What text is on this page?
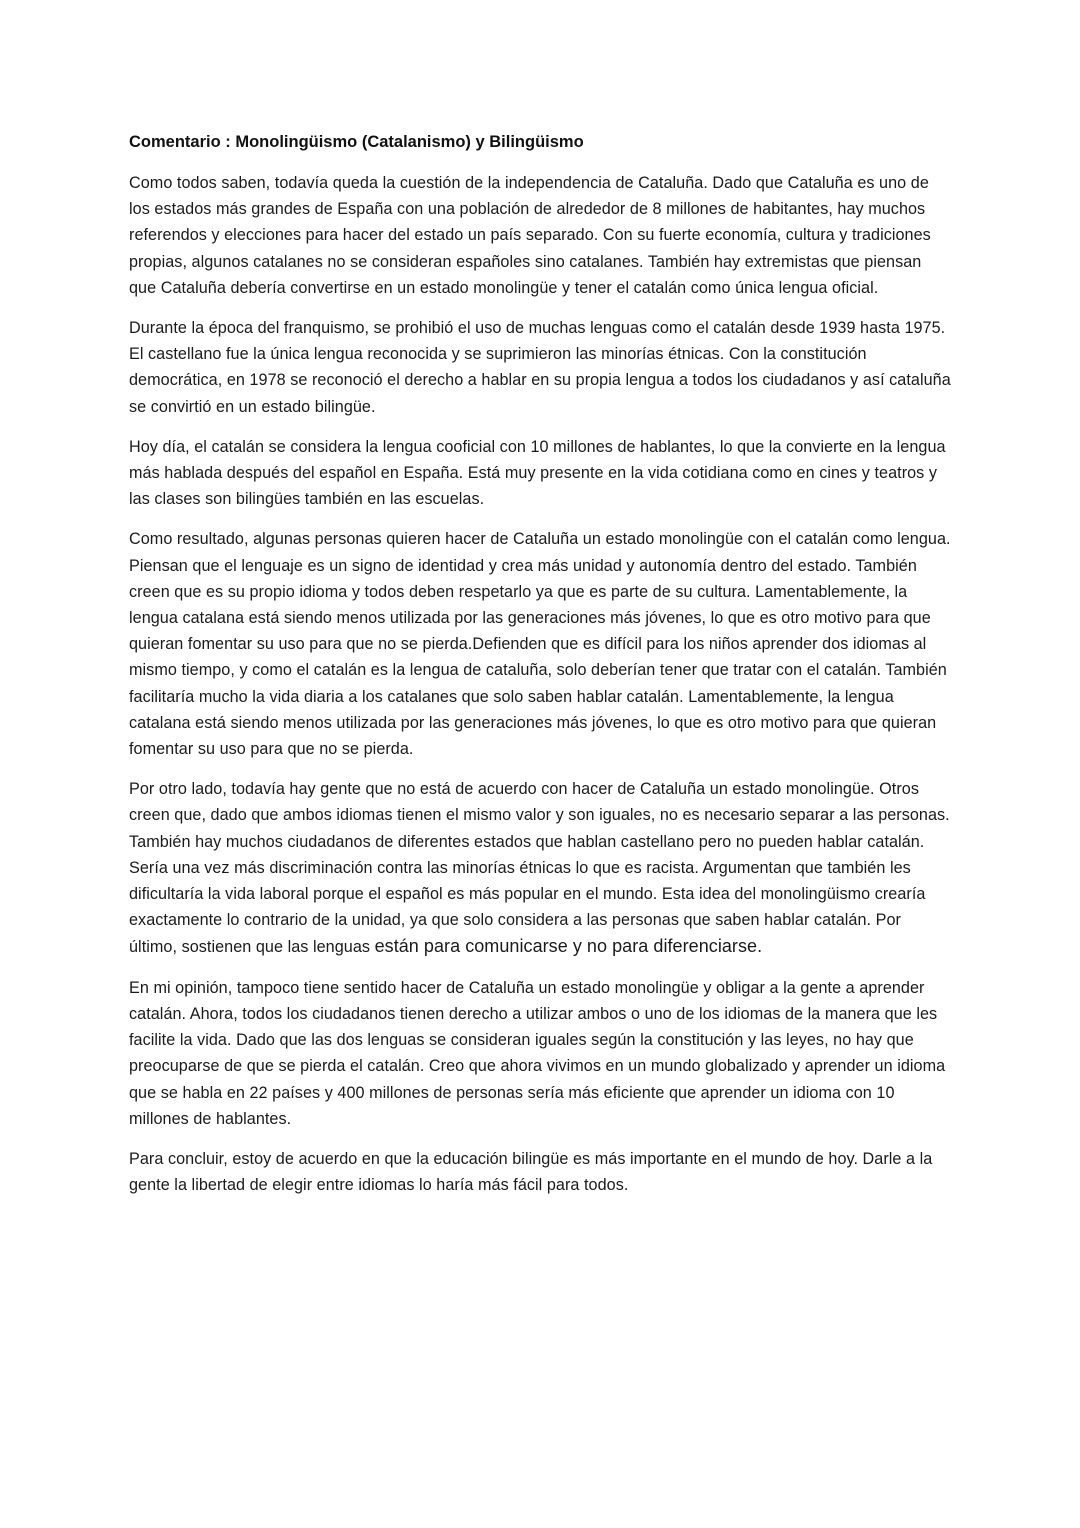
Comentario : Monolingüismo (Catalanismo) y Bilingüismo

Como todos saben, todavía queda la cuestión de la independencia de Cataluña. Dado que Cataluña es uno de los estados más grandes de España con una población de alrededor de 8 millones de habitantes, hay muchos referendos y elecciones para hacer del estado un país separado. Con su fuerte economía, cultura y tradiciones propias, algunos catalanes no se consideran españoles sino catalanes. También hay extremistas que piensan que Cataluña debería convertirse en un estado monolingüe y tener el catalán como única lengua oficial.

Durante la época del franquismo, se prohibió el uso de muchas lenguas como el catalán desde 1939 hasta 1975. El castellano fue la única lengua reconocida y se suprimieron las minorías étnicas. Con la constitución democrática, en 1978 se reconoció el derecho a hablar en su propia lengua a todos los ciudadanos y así cataluña se convirtió en un estado bilingüe.

Hoy día, el catalán se considera la lengua cooficial con 10 millones de hablantes, lo que la convierte en la lengua más hablada después del español en España. Está muy presente en la vida cotidiana como en cines y teatros y las clases son bilingües también en las escuelas.

Como resultado, algunas personas quieren hacer de Cataluña un estado monolingüe con el catalán como lengua. Piensan que el lenguaje es un signo de identidad y crea más unidad y autonomía dentro del estado. También creen que es su propio idioma y todos deben respetarlo ya que es parte de su cultura. Lamentablemente, la lengua catalana está siendo menos utilizada por las generaciones más jóvenes, lo que es otro motivo para que quieran fomentar su uso para que no se pierda.Defienden que es difícil para los niños aprender dos idiomas al mismo tiempo, y como el catalán es la lengua de cataluña, solo deberían tener que tratar con el catalán. También facilitaría mucho la vida diaria a los catalanes que solo saben hablar catalán. Lamentablemente, la lengua catalana está siendo menos utilizada por las generaciones más jóvenes, lo que es otro motivo para que quieran fomentar su uso para que no se pierda.

Por otro lado, todavía hay gente que no está de acuerdo con hacer de Cataluña un estado monolingüe. Otros creen que, dado que ambos idiomas tienen el mismo valor y son iguales, no es necesario separar a las personas. También hay muchos ciudadanos de diferentes estados que hablan castellano pero no pueden hablar catalán. Sería una vez más discriminación contra las minorías étnicas lo que es racista. Argumentan que también les dificultaría la vida laboral porque el español es más popular en el mundo. Esta idea del monolingüismo crearía exactamente lo contrario de la unidad, ya que solo considera a las personas que saben hablar catalán. Por último, sostienen que las lenguas están para comunicarse y no para diferenciarse.

En mi opinión, tampoco tiene sentido hacer de Cataluña un estado monolingüe y obligar a la gente a aprender catalán. Ahora, todos los ciudadanos tienen derecho a utilizar ambos o uno de los idiomas de la manera que les facilite la vida. Dado que las dos lenguas se consideran iguales según la constitución y las leyes, no hay que preocuparse de que se pierda el catalán. Creo que ahora vivimos en un mundo globalizado y aprender un idioma que se habla en 22 países y 400 millones de personas sería más eficiente que aprender un idioma con 10 millones de hablantes.

Para concluir, estoy de acuerdo en que la educación bilingüe es más importante en el mundo de hoy. Darle a la gente la libertad de elegir entre idiomas lo haría más fácil para todos.
